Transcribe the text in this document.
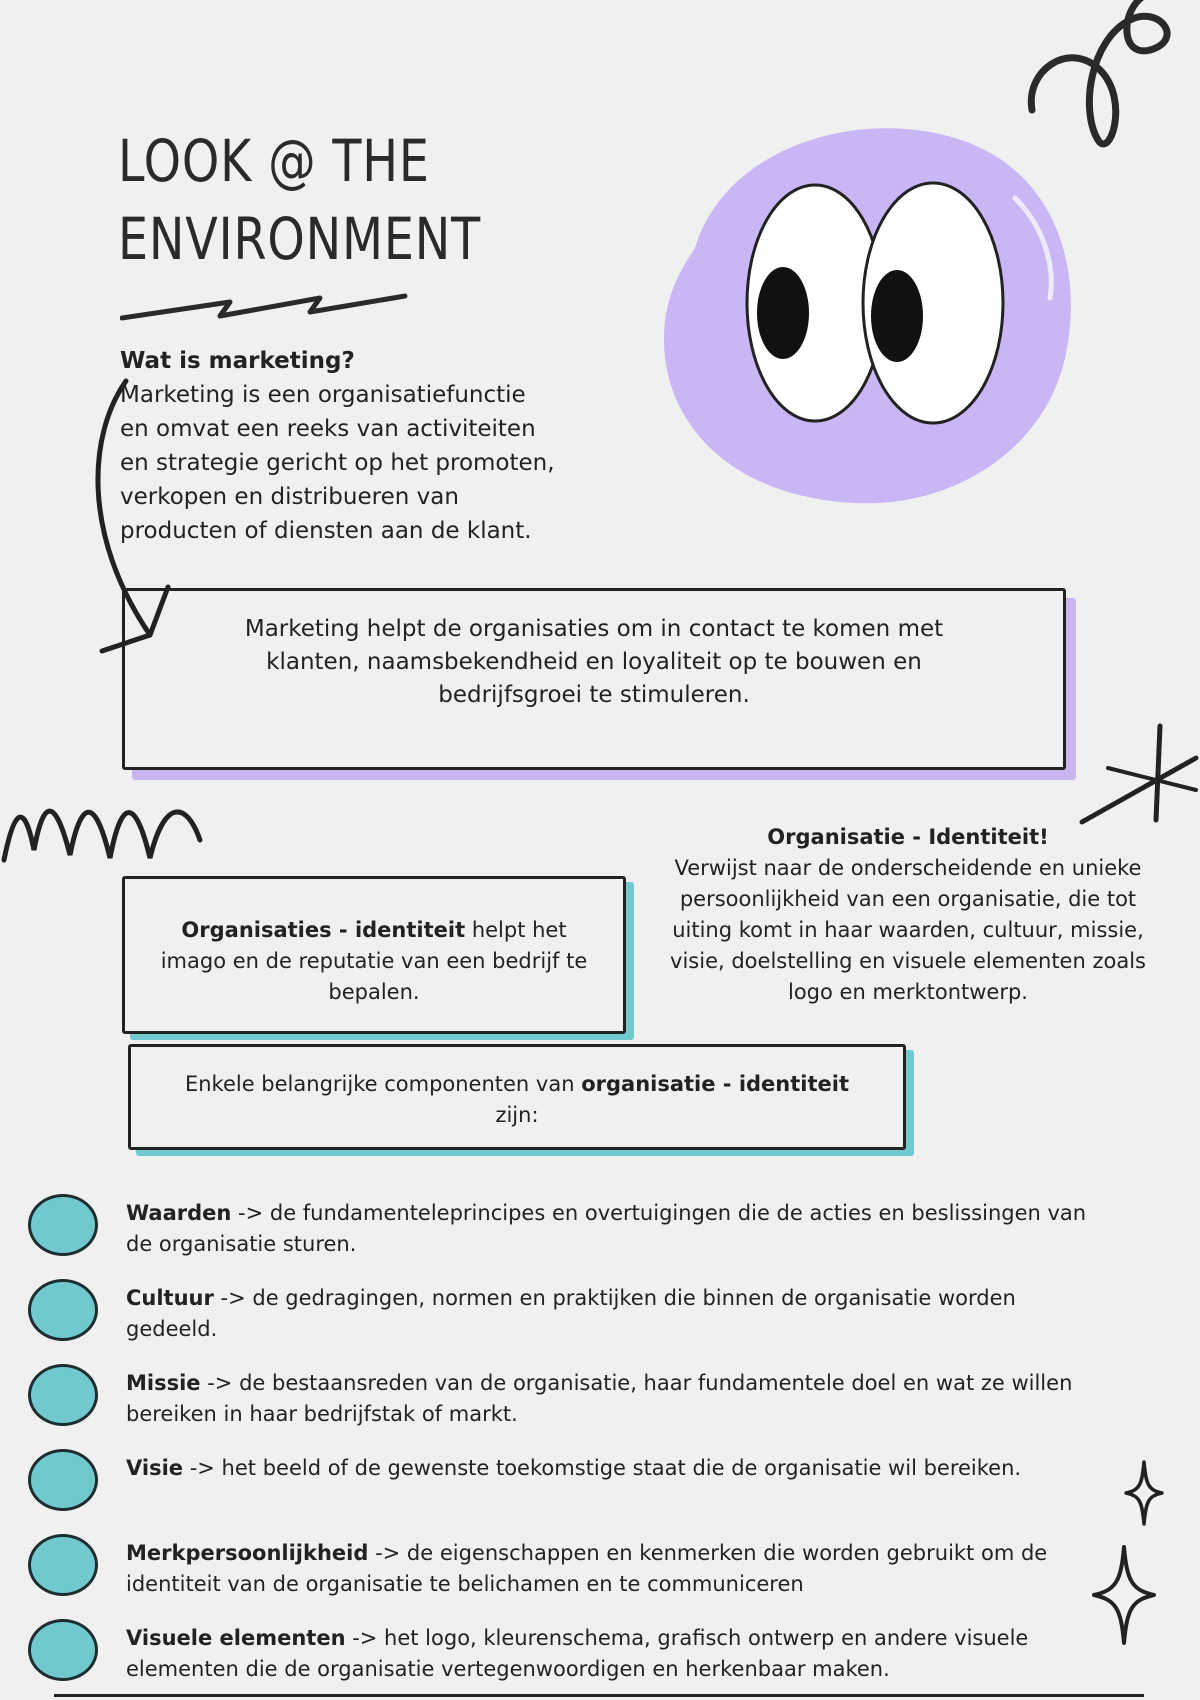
LOOK @ THE
ENVIRONMENT
Wat is marketing?
Marketing is een organisatiefunctie
en omvat een reeks van activiteiten
en strategie gericht op het promoten,
verkopen en distribueren van
producten of diensten aan de klant.
Marketing helpt de organisaties om in contact te komen met klanten, naamsbekendheid en loyaliteit op te bouwen en bedrijfsgroei te stimuleren.
Organisatie - Identiteit!
Verwijst naar de onderscheidende en unieke persoonlijkheid van een organisatie, die tot uiting komt in haar waarden, cultuur, missie, visie, doelstelling en visuele elementen zoals logo en merktontwerp.
Organisaties - identiteit helpt het imago en de reputatie van een bedrijf te bepalen.
Enkele belangrijke componenten van organisatie - identiteit zijn:
Waarden -> de fundamenteleprincipes en overtuigingen die de acties en beslissingen van de organisatie sturen.
Cultuur -> de gedragingen, normen en praktijken die binnen de organisatie worden gedeeld.
Missie -> de bestaansreden van de organisatie, haar fundamentele doel en wat ze willen bereiken in haar bedrijfstak of markt.
Visie -> het beeld of de gewenste toekomstige staat die de organisatie wil bereiken.
Merkpersoonlijkheid -> de eigenschappen en kenmerken die worden gebruikt om de identiteit van de organisatie te belichamen en te communiceren
Visuele elementen -> het logo, kleurenschema, grafisch ontwerp en andere visuele elementen die de organisatie vertegenwoordigen en herkenbaar maken.
